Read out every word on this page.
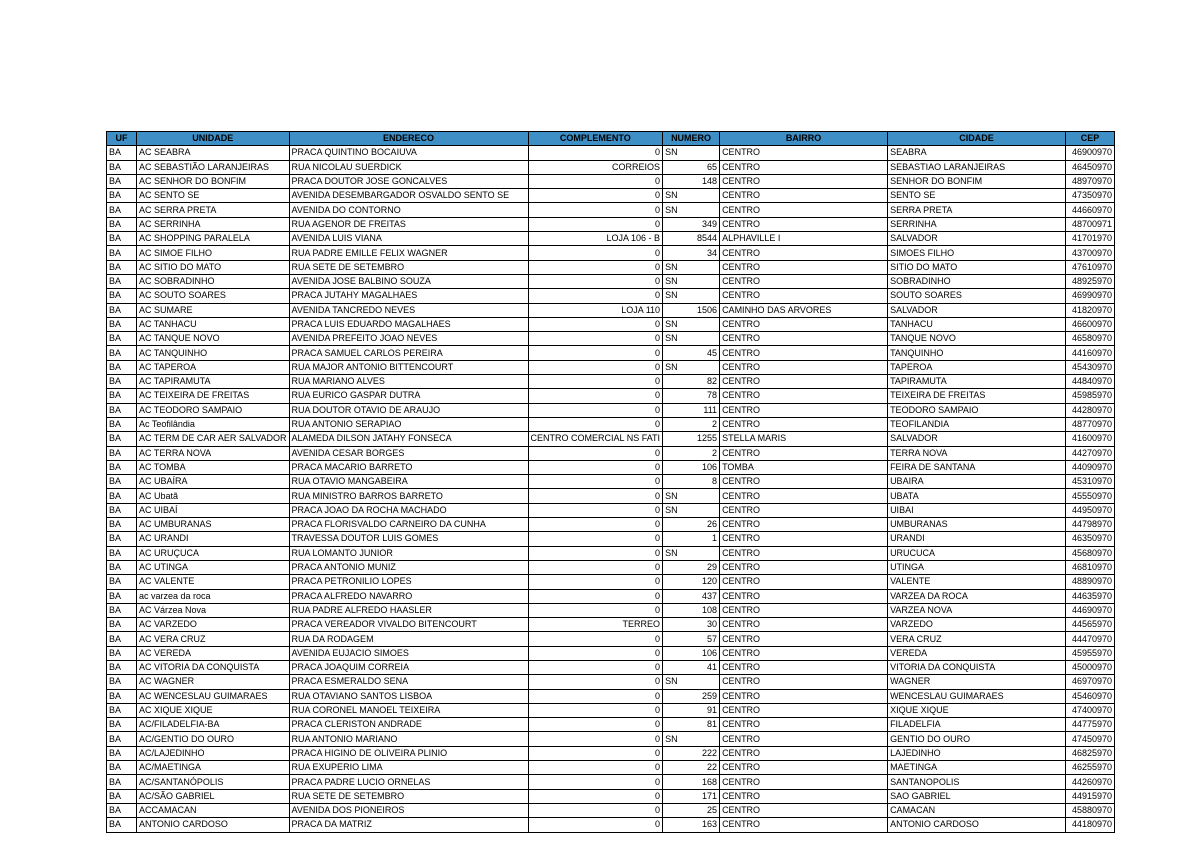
UF	UNIDADE	ENDERECO	COMPLEMENTO	NUMERO	BAIRRO	CIDADE	CEP
BA	AC SEABRA	PRACA QUINTINO BOCAIUVA	0	SN	CENTRO	SEABRA	46900970
BA	AC SEBASTIÃO LARANJEIRAS	RUA NICOLAU SUERDICK	CORREIOS	65	CENTRO	SEBASTIAO LARANJEIRAS	46450970
BA	AC SENHOR DO BONFIM	PRACA DOUTOR JOSE GONCALVES	0	148	CENTRO	SENHOR DO BONFIM	48970970
BA	AC SENTO SE	AVENIDA DESEMBARGADOR OSVALDO SENTO SE	0	SN	CENTRO	SENTO SE	47350970
BA	AC SERRA PRETA	AVENIDA DO CONTORNO	0	SN	CENTRO	SERRA PRETA	44660970
BA	AC SERRINHA	RUA AGENOR DE FREITAS	0	349	CENTRO	SERRINHA	48700971
BA	AC SHOPPING PARALELA	AVENIDA LUIS VIANA	LOJA 106 - B	8544	ALPHAVILLE I	SALVADOR	41701970
BA	AC SIMOE FILHO	RUA PADRE EMILLE FELIX WAGNER	0	34	CENTRO	SIMOES FILHO	43700970
BA	AC SITIO DO MATO	RUA SETE DE SETEMBRO	0	SN	CENTRO	SITIO DO MATO	47610970
BA	AC SOBRADINHO	AVENIDA JOSE BALBINO SOUZA	0	SN	CENTRO	SOBRADINHO	48925970
BA	AC SOUTO SOARES	PRACA JUTAHY MAGALHAES	0	SN	CENTRO	SOUTO SOARES	46990970
BA	AC SUMARE	AVENIDA TANCREDO NEVES	LOJA 110	1506	CAMINHO DAS ARVORES	SALVADOR	41820970
BA	AC TANHACU	PRACA LUIS EDUARDO MAGALHAES	0	SN	CENTRO	TANHACU	46600970
BA	AC TANQUE NOVO	AVENIDA PREFEITO JOAO NEVES	0	SN	CENTRO	TANQUE NOVO	46580970
BA	AC TANQUINHO	PRACA SAMUEL CARLOS PEREIRA	0	45	CENTRO	TANQUINHO	44160970
BA	AC TAPEROA	RUA MAJOR ANTONIO BITTENCOURT	0	SN	CENTRO	TAPEROA	45430970
BA	AC TAPIRAMUTA	RUA MARIANO ALVES	0	82	CENTRO	TAPIRAMUTA	44840970
BA	AC TEIXEIRA DE FREITAS	RUA EURICO GASPAR DUTRA	0	78	CENTRO	TEIXEIRA DE FREITAS	45985970
BA	AC TEODORO SAMPAIO	RUA DOUTOR OTAVIO DE ARAUJO	0	111	CENTRO	TEODORO SAMPAIO	44280970
BA	Ac Teofilândia	RUA ANTONIO SERAPIAO	0	2	CENTRO	TEOFILANDIA	48770970
BA	AC TERM DE CAR AER SALVADOR	ALAMEDA DILSON JATAHY FONSECA	CENTRO COMERCIAL NS FATI	1255	STELLA MARIS	SALVADOR	41600970
BA	AC TERRA NOVA	AVENIDA CESAR BORGES	0	2	CENTRO	TERRA NOVA	44270970
BA	AC TOMBA	PRACA MACARIO BARRETO	0	106	TOMBA	FEIRA DE SANTANA	44090970
BA	AC UBAÍRA	RUA OTAVIO MANGABEIRA	0	8	CENTRO	UBAIRA	45310970
BA	AC Ubatã	RUA MINISTRO BARROS BARRETO	0	SN	CENTRO	UBATA	45550970
BA	AC UIBAÍ	PRACA JOAO DA ROCHA MACHADO	0	SN	CENTRO	UIBAI	44950970
BA	AC UMBURANAS	PRACA FLORISVALDO CARNEIRO DA CUNHA	0	26	CENTRO	UMBURANAS	44798970
BA	AC URANDI	TRAVESSA DOUTOR LUIS GOMES	0	1	CENTRO	URANDI	46350970
BA	AC URUÇUCA	RUA LOMANTO JUNIOR	0	SN	CENTRO	URUCUCA	45680970
BA	AC UTINGA	PRACA ANTONIO MUNIZ	0	29	CENTRO	UTINGA	46810970
BA	AC VALENTE	PRACA PETRONILIO LOPES	0	120	CENTRO	VALENTE	48890970
BA	ac varzea da roca	PRACA ALFREDO NAVARRO	0	437	CENTRO	VARZEA DA ROCA	44635970
BA	AC Várzea Nova	RUA PADRE ALFREDO HAASLER	0	108	CENTRO	VARZEA NOVA	44690970
BA	AC VARZEDO	PRACA VEREADOR VIVALDO BITENCOURT	TERREO	30	CENTRO	VARZEDO	44565970
BA	AC VERA CRUZ	RUA DA RODAGEM	0	57	CENTRO	VERA CRUZ	44470970
BA	AC VEREDA	AVENIDA EUJACIO SIMOES	0	106	CENTRO	VEREDA	45955970
BA	AC VITORIA DA CONQUISTA	PRACA JOAQUIM CORREIA	0	41	CENTRO	VITORIA DA CONQUISTA	45000970
BA	AC WAGNER	PRACA ESMERALDO SENA	0	SN	CENTRO	WAGNER	46970970
BA	AC WENCESLAU GUIMARAES	RUA OTAVIANO SANTOS LISBOA	0	259	CENTRO	WENCESLAU GUIMARAES	45460970
BA	AC XIQUE XIQUE	RUA CORONEL MANOEL TEIXEIRA	0	91	CENTRO	XIQUE XIQUE	47400970
BA	AC/FILADELFIA-BA	PRACA CLERISTON ANDRADE	0	81	CENTRO	FILADELFIA	44775970
BA	AC/GENTIO DO OURO	RUA ANTONIO MARIANO	0	SN	CENTRO	GENTIO DO OURO	47450970
BA	AC/LAJEDINHO	PRACA HIGINO DE OLIVEIRA PLINIO	0	222	CENTRO	LAJEDINHO	46825970
BA	AC/MAETINGA	RUA EXUPERIO LIMA	0	22	CENTRO	MAETINGA	46255970
BA	AC/SANTANÓPOLIS	PRACA PADRE LUCIO ORNELAS	0	168	CENTRO	SANTANOPOLIS	44260970
BA	AC/SÃO GABRIEL	RUA SETE DE SETEMBRO	0	171	CENTRO	SAO GABRIEL	44915970
BA	ACCAMACAN	AVENIDA DOS PIONEIROS	0	25	CENTRO	CAMACAN	45880970
BA	ANTONIO CARDOSO	PRACA DA MATRIZ	0	163	CENTRO	ANTONIO CARDOSO	44180970
